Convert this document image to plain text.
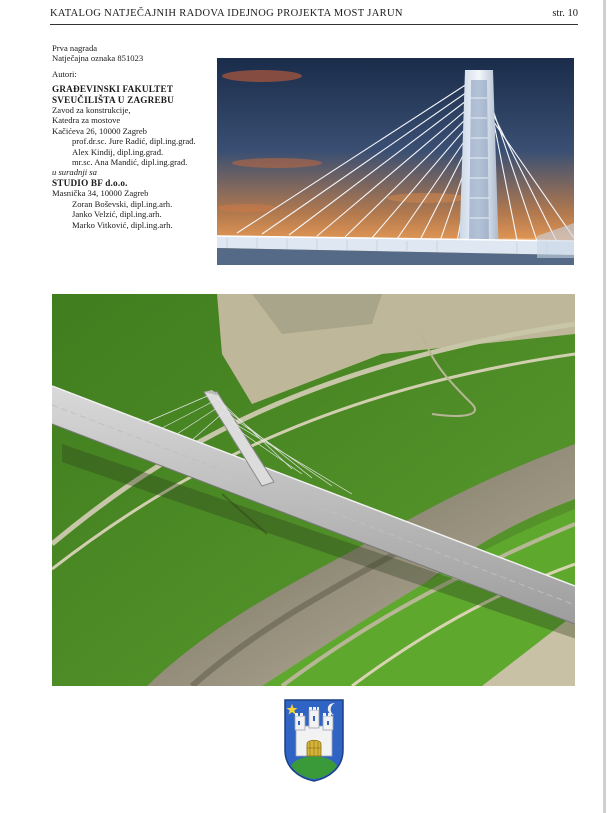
KATALOG NATJEČAJNIH RADOVA IDEJNOG PROJEKTA MOST JARUN	str. 10
Prva nagrada
Natječajna oznaka 851023
Autori:
GRAĐEVINSKI FAKULTET
SVEUČILIŠTA U ZAGREBU
Zavod za konstrukcije,
Katedra za mostove
Kačićeva 26, 10000 Zagreb
prof.dr.sc. Jure Radić, dipl.ing.građ.
Alex Kindij, dipl.ing.građ.
mr.sc. Ana Mandić, dipl.ing.građ.
u suradnji sa
STUDIO BF d.o.o.
Masnička 34, 10000 Zagreb
Zoran Boševski, dipl.ing.arh.
Janko Velzić, dipl.ing.arh.
Marko Vitković, dipl.ing.arh.
